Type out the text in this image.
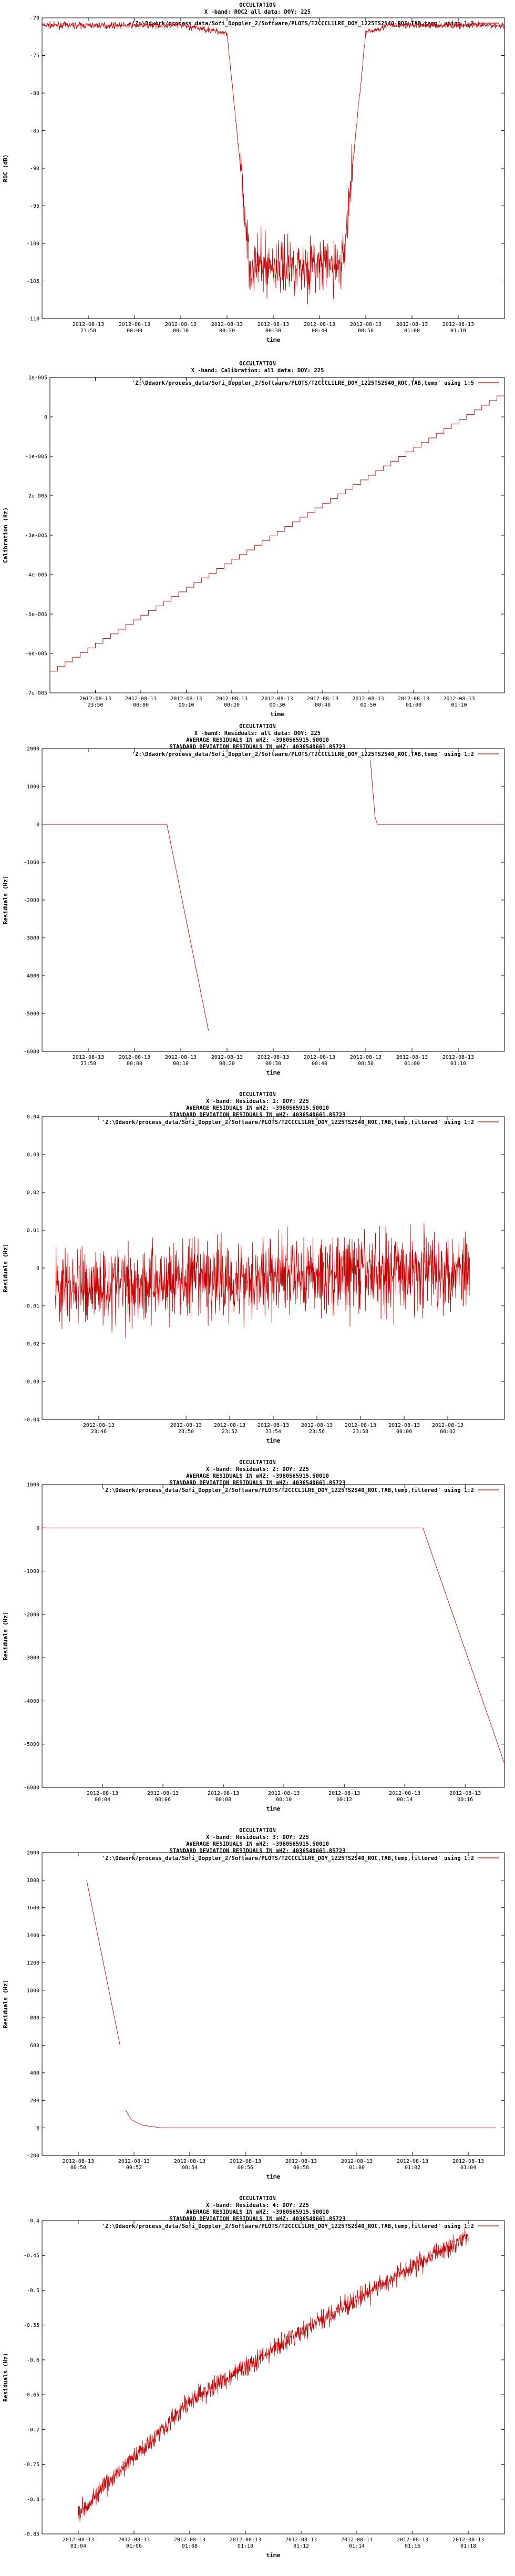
OCCULTATION
X -band: ROC2 all data: DOY: 225
-70
-75
-80
-85
-90
-95
-100
-105
-110
2012-08-13
23:50
2012-08-13
00:00
2012-08-13
00:10
2012-08-13
00:20
2012-08-13
00:30
2012-08-13
00:40
2012-08-13
00:50
2012-08-13
01:00
2012-08-13
01:10
time
ROC (dB)
'Z:\Ddwork/process_data/Sofi_Doppler_2/Software/PLOTS/T2CCCL1LRE_DOY_1225TS2S40_ROC,TAB,temp' using 1:2
OCCULTATION
X -band: Calibration: all data: DOY: 225
1e-005
0
-1e-005
-2e-005
-3e-005
-4e-005
-5e-005
-6e-005
-7e-005
2012-08-13
23:50
2012-08-13
00:00
2012-08-13
00:10
2012-08-13
00:20
2012-08-13
00:30
2012-08-13
00:40
2012-08-13
00:50
2012-08-13
01:00
2012-08-13
01:10
time
Calibration (Hz)
'Z:\Ddwork/process_data/Sofi_Doppler_2/Software/PLOTS/T2CCCL1LRE_DOY_1225TS2S40_ROC,TAB,temp' using 1:5
OCCULTATION
X -band: Residuals: all data: DOY: 225
AVERAGE RESIDUALS IN mHZ: -3960565915.50010
STANDARD DEVIATION RESIDUALS IN mHZ: 4036540661.85723
2000
1000
0
-1000
-2000
-3000
-4000
-5000
-6000
2012-08-13
23:50
2012-08-13
00:00
2012-08-13
00:10
2012-08-13
00:20
2012-08-13
00:30
2012-08-13
00:40
2012-08-13
00:50
2012-08-13
01:00
2012-08-13
01:10
time
Residuals (Hz)
'Z:\Ddwork/process_data/Sofi_Doppler_2/Software/PLOTS/T2CCCL1LRE_DOY_1225TS2S40_ROC,TAB,temp' using 1:2
OCCULTATION
X -band: Residuals: 1: DOY: 225
AVERAGE RESIDUALS IN mHZ: -3960565915.50010
STANDARD DEVIATION RESIDUALS IN mHZ: 4036540661.85723
0.04
0.03
0.02
0.01
0
-0.01
-0.02
-0.03
-0.04
2012-08-13
23:46
2012-08-13
23:50
2012-08-13
23:52
2012-08-13
23:54
2012-08-13
23:56
2012-08-13
23:58
2012-08-13
00:00
2012-08-13
00:02
time
Residuals (Hz)
'Z:\Ddwork/process_data/Sofi_Doppler_2/Software/PLOTS/T2CCCL1LRE_DOY_1225TS2S40_ROC,TAB,temp,filtered' using 1:2
OCCULTATION
X -band: Residuals: 2: DOY: 225
AVERAGE RESIDUALS IN mHZ: -3960565915.50010
STANDARD DEVIATION RESIDUALS IN mHZ: 4036540661.85723
1000
0
-1000
-2000
-3000
-4000
-5000
-6000
2012-08-13
00:04
2012-08-13
00:06
2012-08-13
00:08
2012-08-13
00:10
2012-08-13
00:12
2012-08-13
00:14
2012-08-13
00:16
time
Residuals (Hz)
'Z:\Ddwork/process_data/Sofi_Doppler_2/Software/PLOTS/T2CCCL1LRE_DOY_1225TS2S40_ROC,TAB,temp,filtered' using 1:2
OCCULTATION
X -band: Residuals: 3: DOY: 225
AVERAGE RESIDUALS IN mHZ: -3960565915.50010
STANDARD DEVIATION RESIDUALS IN mHZ: 4036540661.85723
2000
1800
1600
1400
1200
1000
800
600
400
200
0
-200
2012-08-13
00:50
2012-08-13
00:52
2012-08-13
00:54
2012-08-13
00:56
2012-08-13
00:58
2012-08-13
01:00
2012-08-13
01:02
2012-08-13
01:04
time
Residuals (Hz)
'Z:\Ddwork/process_data/Sofi_Doppler_2/Software/PLOTS/T2CCCL1LRE_DOY_1225TS2S40_ROC,TAB,temp,filtered' using 1:2
OCCULTATION
X -band: Residuals: 4: DOY: 225
AVERAGE RESIDUALS IN mHZ: -3960565915.50010
STANDARD DEVIATION RESIDUALS IN mHZ: 4036540661.85723
-0.4
-0.45
-0.5
-0.55
-0.6
-0.65
-0.7
-0.75
-0.8
-0.85
2012-08-13
01:04
2012-08-13
01:06
2012-08-13
01:08
2012-08-13
01:10
2012-08-13
01:12
2012-08-13
01:14
2012-08-13
01:16
2012-08-13
01:18
time
Residuals (Hz)
'Z:\Ddwork/process_data/Sofi_Doppler_2/Software/PLOTS/T2CCCL1LRE_DOY_1225TS2S40_ROC,TAB,temp,filtered' using 1:2
